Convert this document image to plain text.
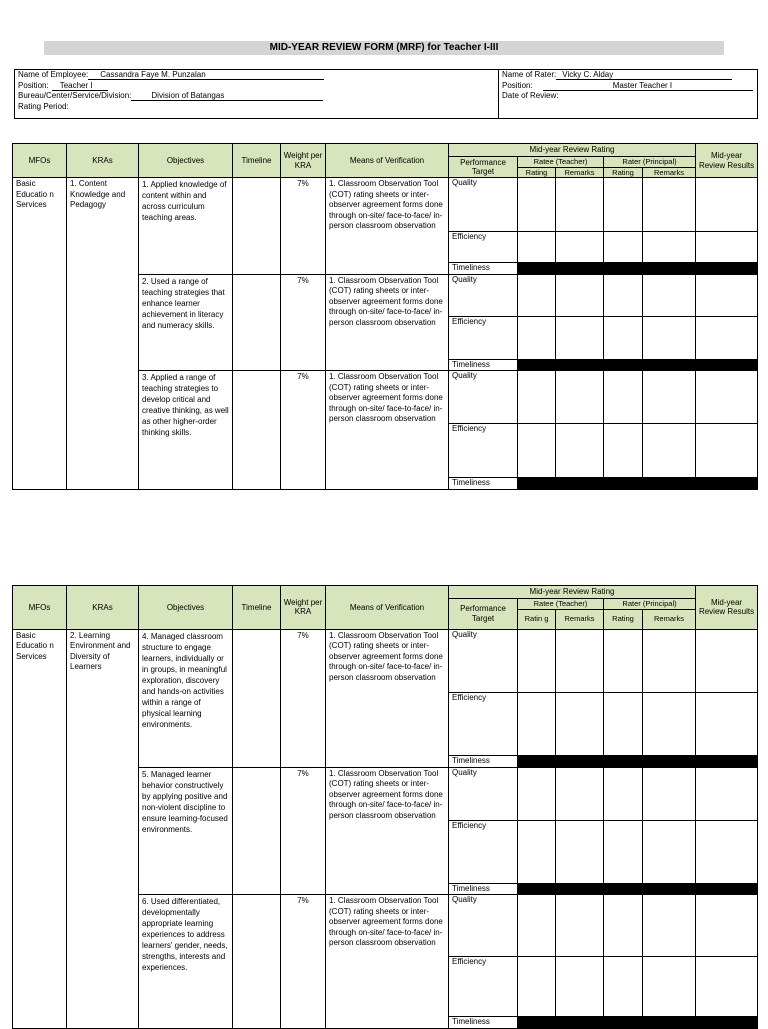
MID-YEAR REVIEW FORM (MRF) for Teacher I-III
Name of Employee: Cassandra Faye M. Punzalan
Position: Teacher I
Bureau/Center/Service/Division:	Division of Batangas
Rating Period:
Name of Rater: Vicky C. Alday
Position:	Master Teacher I
Date of Review:
MFOs	KRAs	Objectives	Timeline	Weight per KRA	Means of Verification	Mid-year Review Rating					Mid-year Review Results
						Performance Target	Ratee (Teacher)		Rater (Principal)		
							Rating	Remarks	Rating	Remarks	
Basic Educatio n Services	1. Content Knowledge and Pedagogy	1. Applied knowledge of content within and across curriculum teaching areas.		7%	1. Classroom Observation Tool (COT) rating sheets or inter-observer agreement forms done through on-site/ face-to-face/ in-person classroom observation	Quality					
						Efficiency					
						Timeliness					
		2. Used a range of teaching strategies that enhance learner achievement in literacy and numeracy skills.		7%	1. Classroom Observation Tool (COT) rating sheets or inter-observer agreement forms done through on-site/ face-to-face/ in-person classroom observation	Quality					
						Efficiency					
						Timeliness					
		3. Applied a range of teaching strategies to develop critical and creative thinking, as well as other higher-order thinking skills.		7%	1. Classroom Observation Tool (COT) rating sheets or inter-observer agreement forms done through on-site/ face-to-face/ in-person classroom observation	Quality					
						Efficiency					
						Timeliness					
MFOs	KRAs	Objectives	Timeline	Weight per KRA	Means of Verification	Mid-year Review Rating					Mid-year Review Results
						Performance Target	Ratee (Teacher)		Rater (Principal)		
							Ratin g	Remarks	Rating	Remarks	
Basic Educatio n Services	2. Learning Environment and Diversity of Learners	4. Managed classroom structure to engage learners, individually or in groups, in meaningful exploration, discovery and hands-on activities within a range of physical learning environments.		7%	1. Classroom Observation Tool (COT) rating sheets or inter-observer agreement forms done through on-site/ face-to-face/ in-person classroom observation	Quality					
						Efficiency					
						Timeliness					
		5. Managed learner behavior constructively by applying positive and non-violent discipline to ensure learning-focused environments.		7%	1. Classroom Observation Tool (COT) rating sheets or inter-observer agreement forms done through on-site/ face-to-face/ in-person classroom observation	Quality					
						Efficiency					
						Timeliness					
		6. Used differentiated, developmentally appropriate learning experiences to address learners' gender, needs, strengths, interests and experiences.		7%	1. Classroom Observation Tool (COT) rating sheets or inter-observer agreement forms done through on-site/ face-to-face/ in-person classroom observation	Quality					
						Efficiency					
						Timeliness					
